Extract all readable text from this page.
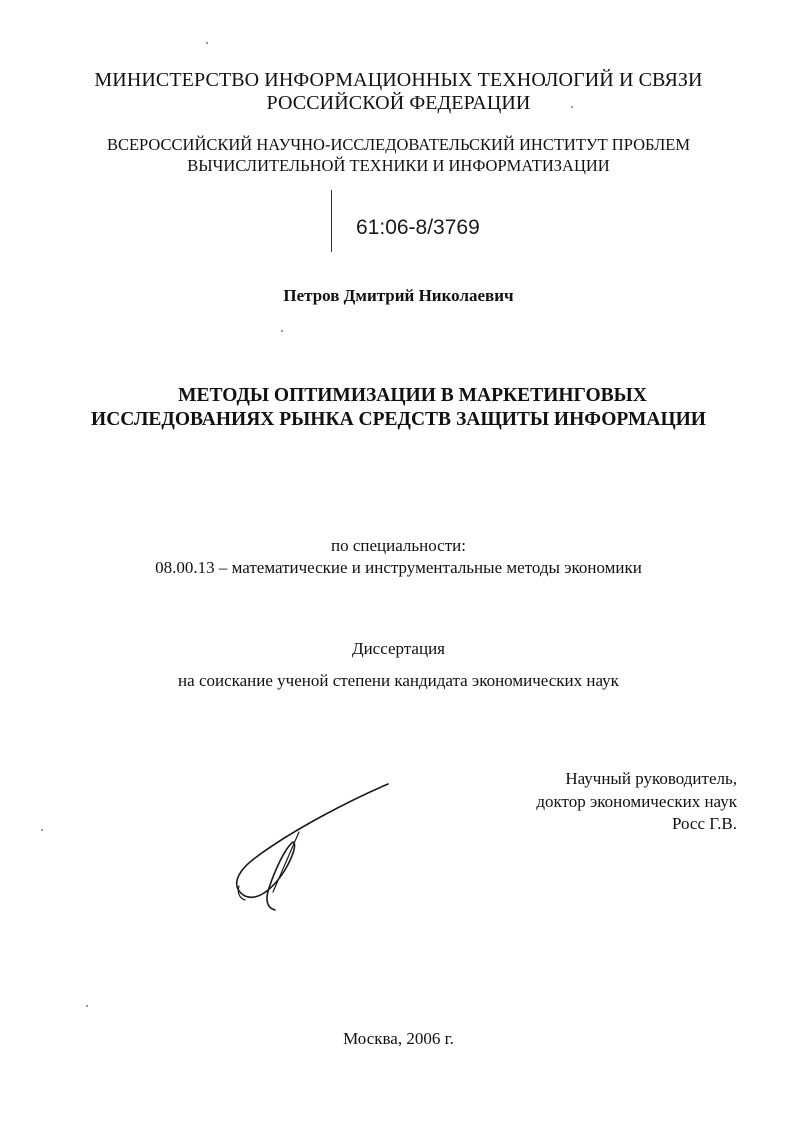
МИНИСТЕРСТВО ИНФОРМАЦИОННЫХ ТЕХНОЛОГИЙ И СВЯЗИ
РОССИЙСКОЙ ФЕДЕРАЦИИ
ВСЕРОССИЙСКИЙ НАУЧНО-ИССЛЕДОВАТЕЛЬСКИЙ ИНСТИТУТ ПРОБЛЕМ
ВЫЧИСЛИТЕЛЬНОЙ ТЕХНИКИ И ИНФОРМАТИЗАЦИИ
61:06-8/3769
Петров Дмитрий Николаевич
МЕТОДЫ ОПТИМИЗАЦИИ В МАРКЕТИНГОВЫХ
ИССЛЕДОВАНИЯХ РЫНКА СРЕДСТВ ЗАЩИТЫ ИНФОРМАЦИИ
по специальности:
08.00.13 – математические и инструментальные методы экономики
Диссертация
на соискание ученой степени кандидата экономических наук
Научный руководитель,
доктор экономических наук
Росс Г.В.
Москва, 2006 г.
